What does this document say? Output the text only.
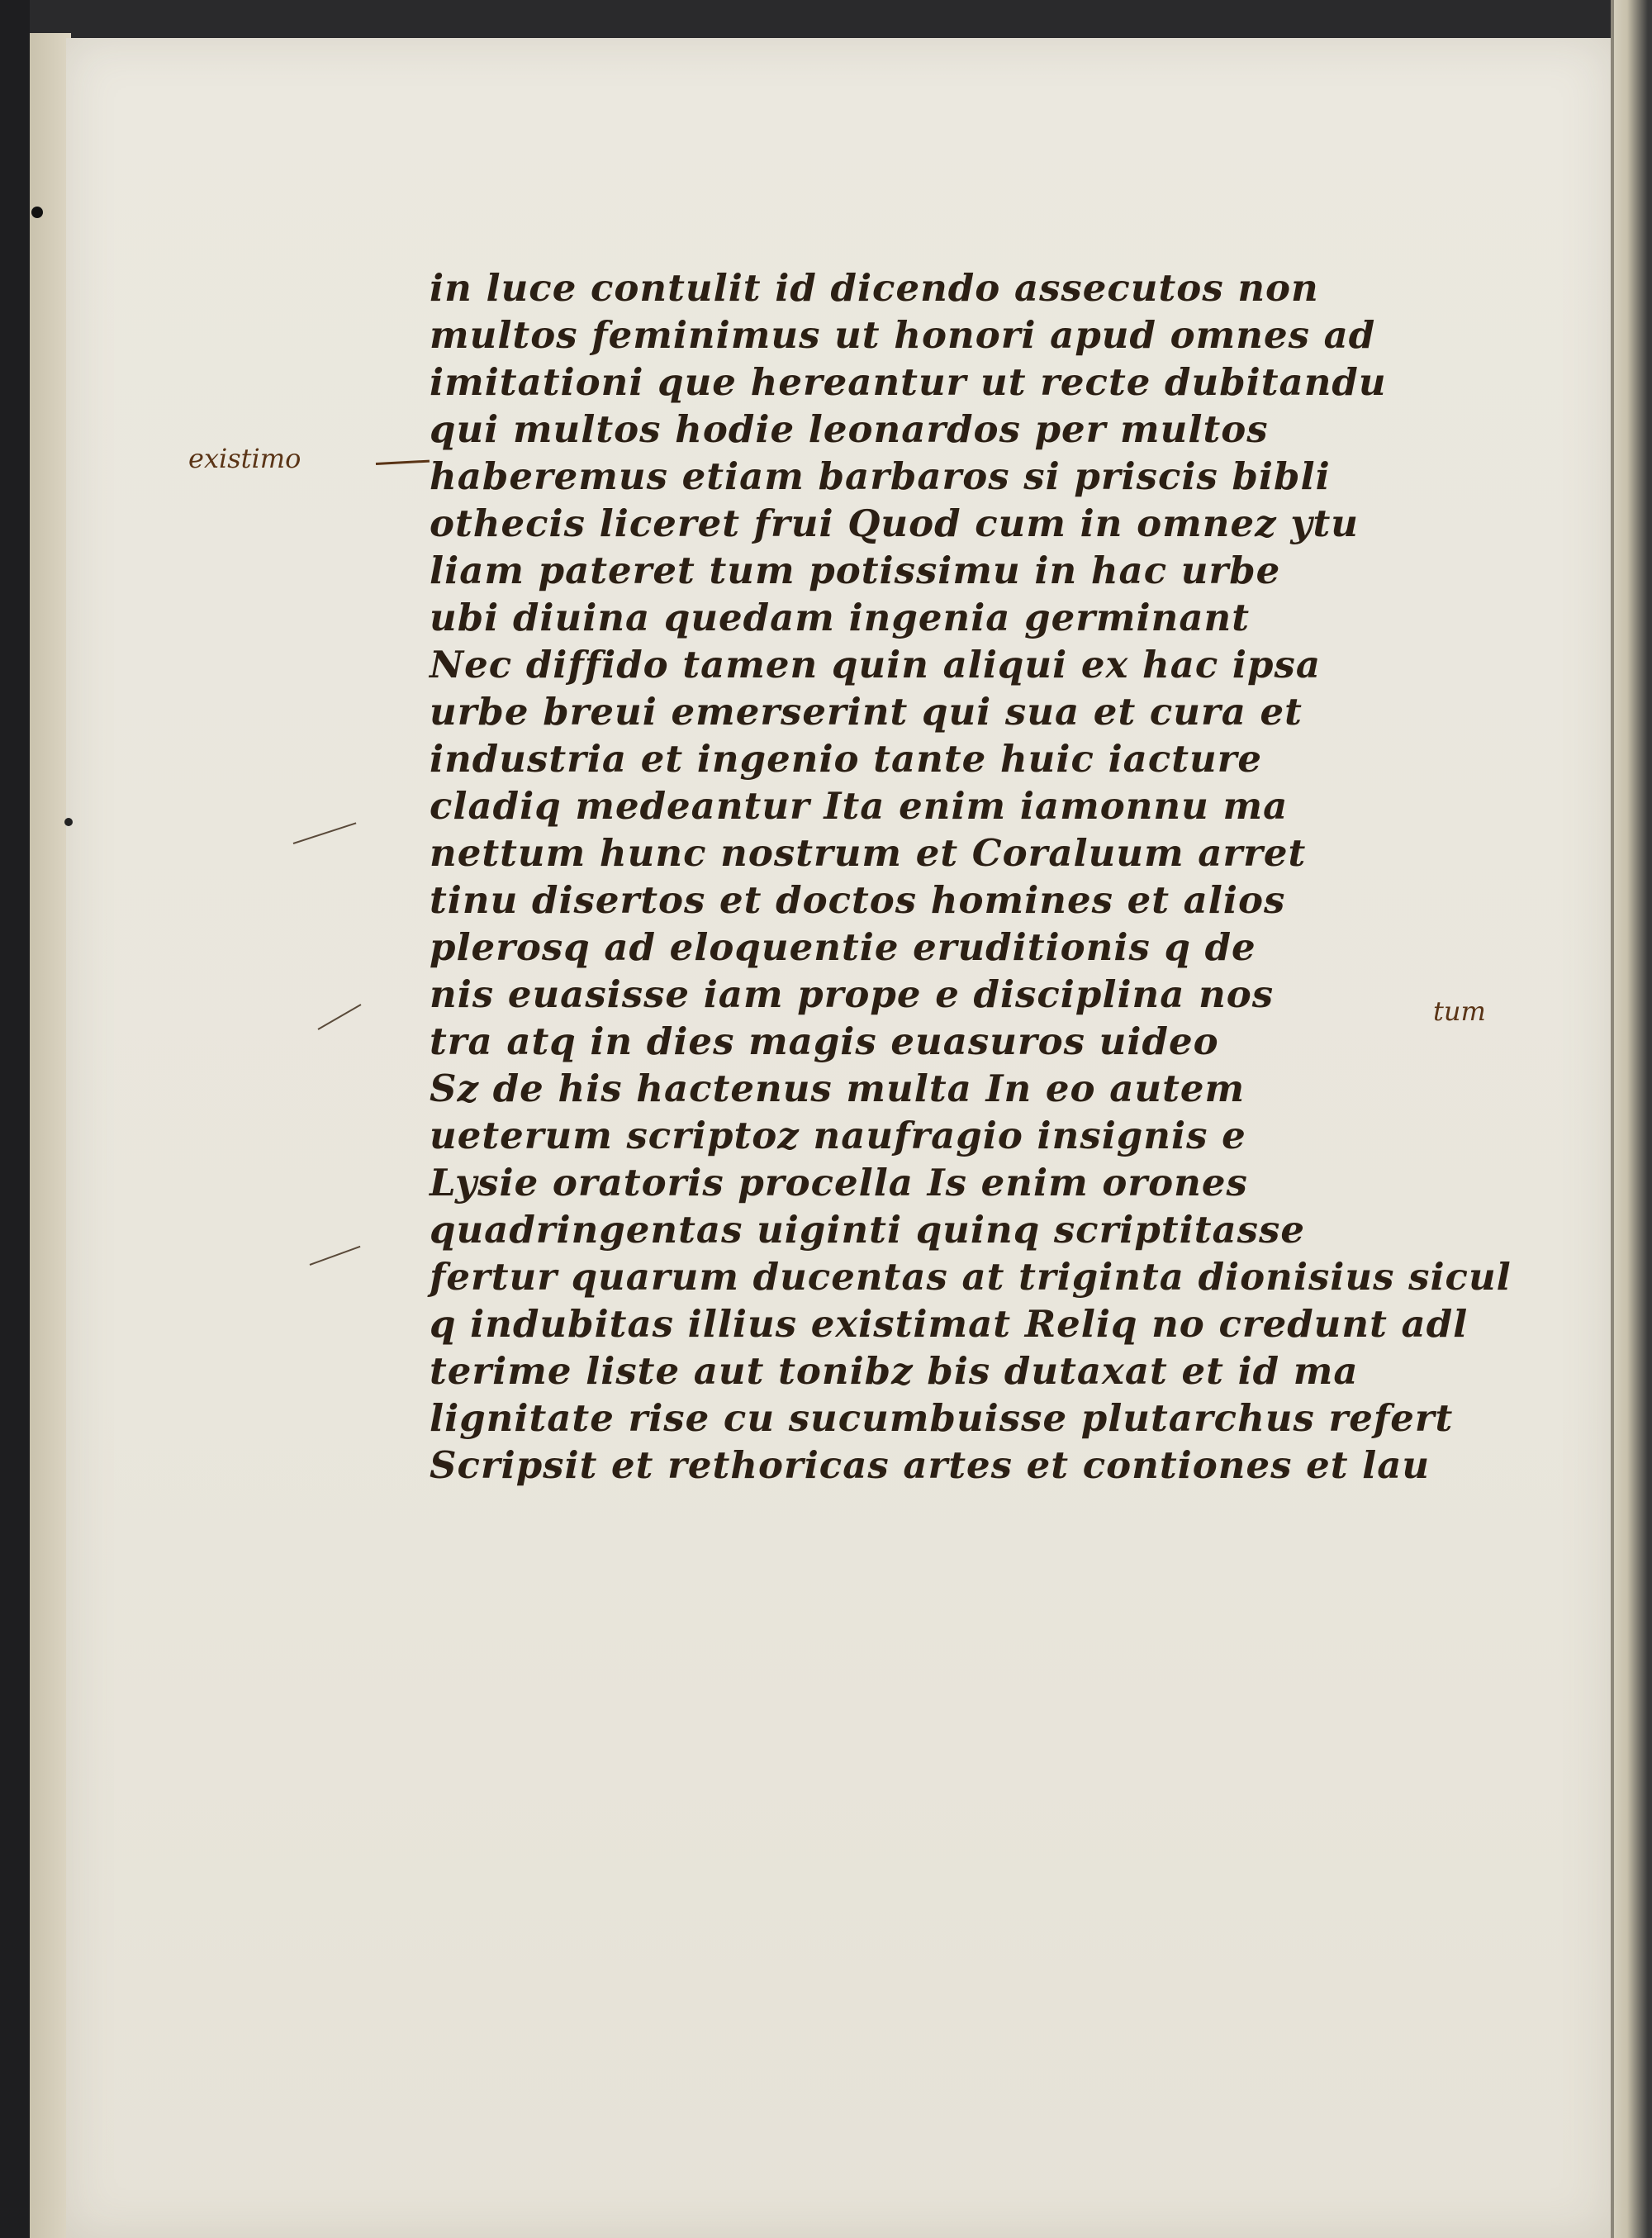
existimo
tum
in luce contulit id dicendo assecutos non
multos feminimus ut honori apud omnes ad
imitationi que hereantur ut recte dubitandu
qui multos hodie leonardos per multos
haberemus etiam barbaros si priscis bibli
othecis liceret frui Quod cum in omnez ytu
liam pateret tum potissimu in hac urbe
ubi diuina quedam ingenia germinant
Nec diffido tamen quin aliqui ex hac ipsa
urbe breui emerserint qui sua et cura et
industria et ingenio tante huic iacture
cladiq medeantur Ita enim iamonnu ma
nettum hunc nostrum et Coraluum arret
tinu disertos et doctos homines et alios
plerosq ad eloquentie eruditionis q de
nis euasisse iam prope e disciplina nos
tra atq in dies magis euasuros uideo
Sz de his hactenus multa In eo autem
ueterum scriptoz naufragio insignis e
Lysie oratoris procella Is enim orones
quadringentas uiginti quinq scriptitasse
fertur quarum ducentas at triginta dionisius sicul
q indubitas illius existimat Reliq no credunt adl
terime liste aut tonibz bis dutaxat et id ma
lignitate rise cu sucumbuisse plutarchus refert
Scripsit et rethoricas artes et contiones et lau
